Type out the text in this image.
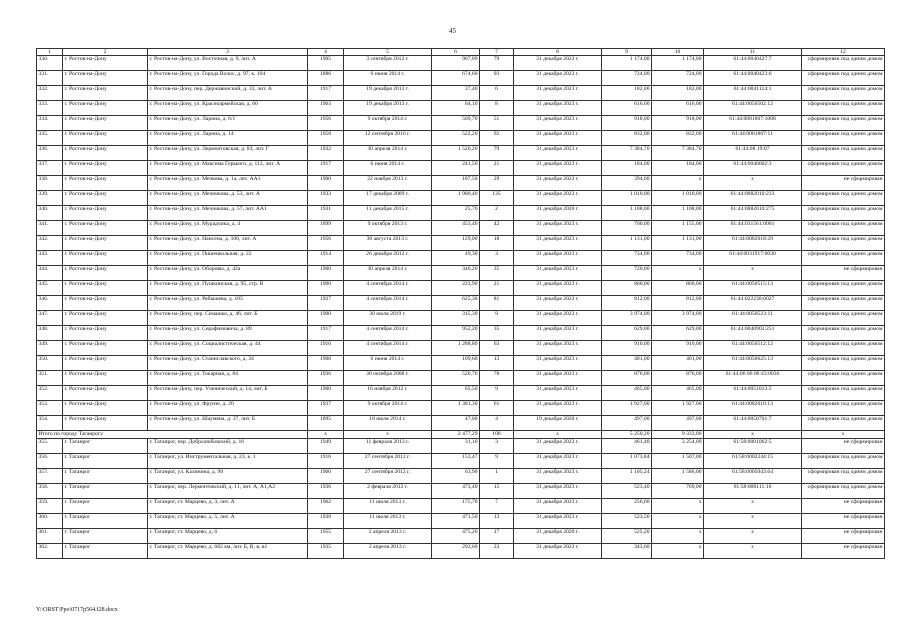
45
1	2	3	4	5	6	7	8	9	10	11	12
330.	г. Ростов-на-Дону	г. Ростов-на-Дону, ул. Восточная, д. 9, лит. А	1905	3 сентября 2012 г.	907,09	79	31 декабря 2023 г.	1 174,00	1 174,00	61:44:0040427:7	сформирован под одним домом
331.	г. Ростов-на-Дону	г. Ростов-на-Дону, ул. Города Волос, д. 97, к. 104	1886	6 июня 2014 г.	674,60	93	31 декабря 2023 г.	724,00	724,00	61:44:0040423:6	сформирован под одним домом
332.	г. Ростов-на-Дону	г. Ростов-на-Дону, пер. Державинский, д. 33, лит. А	1917	19 декабря 2013 г.	37,40	6	31 декабря 2023 г.	182,00	182,00	61:44:0041114:1	сформирован под одним домом
333.	г. Ростов-на-Дону	г. Ростов-на-Дону, ул. Красноармейская, д. 60	1963	19 декабря 2013 г.	64,10	8	31 декабря 2023 г.	616,00	616,00	61:44:0050502:12	сформирован под одним домом
334.	г. Ростов-на-Дону	г. Ростов-на-Дону, ул. Ларина, д. 6/1	1956	9 октября 2014 г.	509,70	51	31 декабря 2023 г.	918,00	918,00	61:44:0081807:1008	сформирован под одним домом
335.	г. Ростов-на-Дону	г. Ростов-на-Дону, ул. Ларина, д. 14	1958	12 сентября 2016 г.	522,20	92	31 декабря 2023 г.	832,00	832,00	61:44:0081807:11	сформирован под одним домом
336.	г. Ростов-на-Дону	г. Ростов-на-Дону, ул. Лермонтовская, д. 83, лит. Г	1932	30 апреля 2014 г.	1 520,20	79	31 декабря 2023 г.	7 384,70	7 384,70	61:44:08 19:07	сформирован под одним домом
337.	г. Ростов-на-Дону	г. Ростов-на-Дону, ул. Максима Горького, д. 112, лит. А	1917	6 июня 2014 г.	241,50	21	31 декабря 2023 г.	184,00	184,00	61:44:0040602:3	сформирован под одним домом
338.	г. Ростов-на-Дону	г. Ростов-на-Дону, ул. Мечкова, д. 1а, лит. АА1	1900	22 ноября 2013 г.	187,50	29	31 декабря 2023 г.	394,60	х	х	не сформирован
339.	г. Ростов-на-Дону	г. Ростов-на-Дону, ул. Мечникова, д. 53, лит. А	1933	17 декабря 2009 г.	1 980,40	135	31 декабря 2023 г.	1 010,00	1 010,00	61:44:0082010:233	сформирован под одним домом
340.	г. Ростов-на-Дону	г. Ростов-на-Дону, ул. Мечникова, д. 57, лит. АА1	1931	11 декабря 2015 г.	25,70	2	31 декабря 2020 г.	1 108,00	1 108,00	61:44:0082010:275	сформирован под одним домом
341.	г. Ростов-на-Дону	г. Ростов-на-Дону, ул. Мурадчика, д. 4	1899	9 октября 2013 г.	453,40	42	31 декабря 2023 г.	700,00	1 155,00	61:44:031561:0001	сформирован под одним домом
342.	г. Ростов-на-Дону	г. Ростов-на-Дону, ул. Нансена, д. 106, лит. А	1956	30 августа 2013 г.	129,00	18	31 декабря 2023 г.	1 131,00	1 131,00	61:44:0082018:29	сформирован под одним домом
343.	г. Ростов-на-Дону	г. Ростов-на-Дону, ул. Пишенкольная, д. 22	1914	26 декабря 2012 г.	49,30	3	31 декабря 2023 г.	734,00	734,00	61:44:0031917:0030	сформирован под одним домом
344.	г. Ростов-на-Дону	г. Ростов-на-Дону, ул. Оборовы, д. 42а	1900	30 апреля 2014 г.	346,20	35	31 декабря 2023 г.	720,00	х	х	не сформирован
345.	г. Ростов-на-Дону	г. Ростов-на-Дону, ул. Пушкинская, д. 95, стр. В	1900	4 сентября 2014 г.	223,90	21	31 декабря 2023 г.	860,00	860,00	61:44:0050515:13	сформирован под одним домом
346.	г. Ростов-на-Дону	г. Ростов-на-Дону, ул. Рябышева, д. 105	1927	4 сентября 2014 г.	625,30	81	31 декабря 2023 г.	812,00	812,00	61:44:022238:0027	сформирован под одним домом
347.	г. Ростов-на-Дону	г. Ростов-на-Дону, пер. Семашко, д. 46, лит. Б	1900	30 июля 2019 г.	315,30	9	31 декабря 2023 г.	3 974,00	3 974,00	61:44:0050523:11	сформирован под одним домом
348.	г. Ростов-на-Дону	г. Ростов-на-Дону, ул. Серафимовича, д. 89	1917	4 сентября 2014 г.	952,20	35	31 декабря 2023 г.	629,00	629,00	61:44:0040903:251	сформирован под одним домом
349.	г. Ростов-на-Дону	г. Ростов-на-Дону, ул. Социалистическая, д. 44	1910	4 сентября 2014 г.	1 288,80	63	31 декабря 2023 г.	910,00	910,00	61:44:0050512:12	сформирован под одним домом
350.	г. Ростов-на-Дону	г. Ростов-на-Дону, ул. Станиславского, д. 34	1900	6 июня 2014 г.	109,60	13	31 декабря 2023 г.	401,00	401,00	61:44:0050625:13	сформирован под одним домом
351.	г. Ростов-на-Дону	г. Ростов-на-Дону, ул. Токарная, д. 84	1936	30 октября 2008 г.	520,76	78	31 декабря 2023 г.	876,00	876,00	61:44:06 06 06:43:0036	сформирован под одним домом
352.	г. Ростов-на-Дону	г. Ростов-на-Дону, пер. Ученический, д. 14, лит. Б	1900	16 ноября 2012 г.	65,50	9	31 декабря 2023 г.	465,00	465,00	61:44:0051013:5	сформирован под одним домом
353.	г. Ростов-на-Дону	г. Ростов-на-Дону, ул. Фрунзе, д. 20	1937	9 октября 2014 г.	1 381,30	61	31 декабря 2023 г.	1 927,00	1 927,00	61:44:0082010:13	сформирован под одним домом
354.	г. Ростов-на-Дону	г. Ростов-на-Дону, ул. Шаумяна, д. 37, лит. Б	1895	18 июля 2014 г.	47,00	4	19 декабря 2020 г.	497,00	497,00	61:44:0050701:7	сформирован под одним домом
Итого по городу Таганрогу			х	х	2 477,29	108	х	5 250,20	9 333,00	х	х
355.	г. Таганрог	г. Таганрог, пер. Добролюбовский, д. 16	1949	11 февраля 2013 г.	31,10	3	31 декабря 2023 г.	461,40	3 254,00	61:58:0001062:5	не сформирован
356.	г. Таганрог	г. Таганрог, ул. Инструментальная, д. 23, к. 1	1916	27 сентября 2012 г.	153,47	9	31 декабря 2023 г.	1 073,84	1 507,00	61:58:0002244:15	сформирован под одним домом
357.	г. Таганрог	г. Таганрог, ул. Калинина, д. 90	1960	27 сентября 2012 г.	63,90	1	31 декабря 2023 г.	1 105,24	1 586,00	61:58:0005043:64	сформирован под одним домом
358.	г. Таганрог	г. Таганрог, пер. Лермонтовский, д. 11, лит. А, А1,А2	1936	2 февраля 2012 г.	473,40	15	31 декабря 2023 г.	523,40	769,00	61:58:000111:10	сформирован под одним домом
359.	г. Таганрог	г. Таганрог, ст. Марцево, д. 3, лит. А	1962	11 июля 2013 г.	175,70	7	31 декабря 2023 г.	256,60	х	х	не сформирован
360.	г. Таганрог	г. Таганрог, ст. Марцево, д. 5, лит. А	1938	11 июля 2013 г.	471,50	13	31 декабря 2023 г.	523,50	х	х	не сформирован
361.	г. Таганрог	г. Таганрог, ст. Марцево, д. 6	1955	2 апреля 2013 г.	475,20	17	31 декабря 2020 г.	525,20	х	х	не сформирован
362.	г. Таганрог	г. Таганрог, ст. Марцево, д. 682 км, лит. Б, В, в, в1	1935	2 апреля 2013 г.	293,60	23	31 декабря 2023 г.	343,60	х	х	не сформирован
Y:\ORST\Ppo\0717p564.f28.docx
